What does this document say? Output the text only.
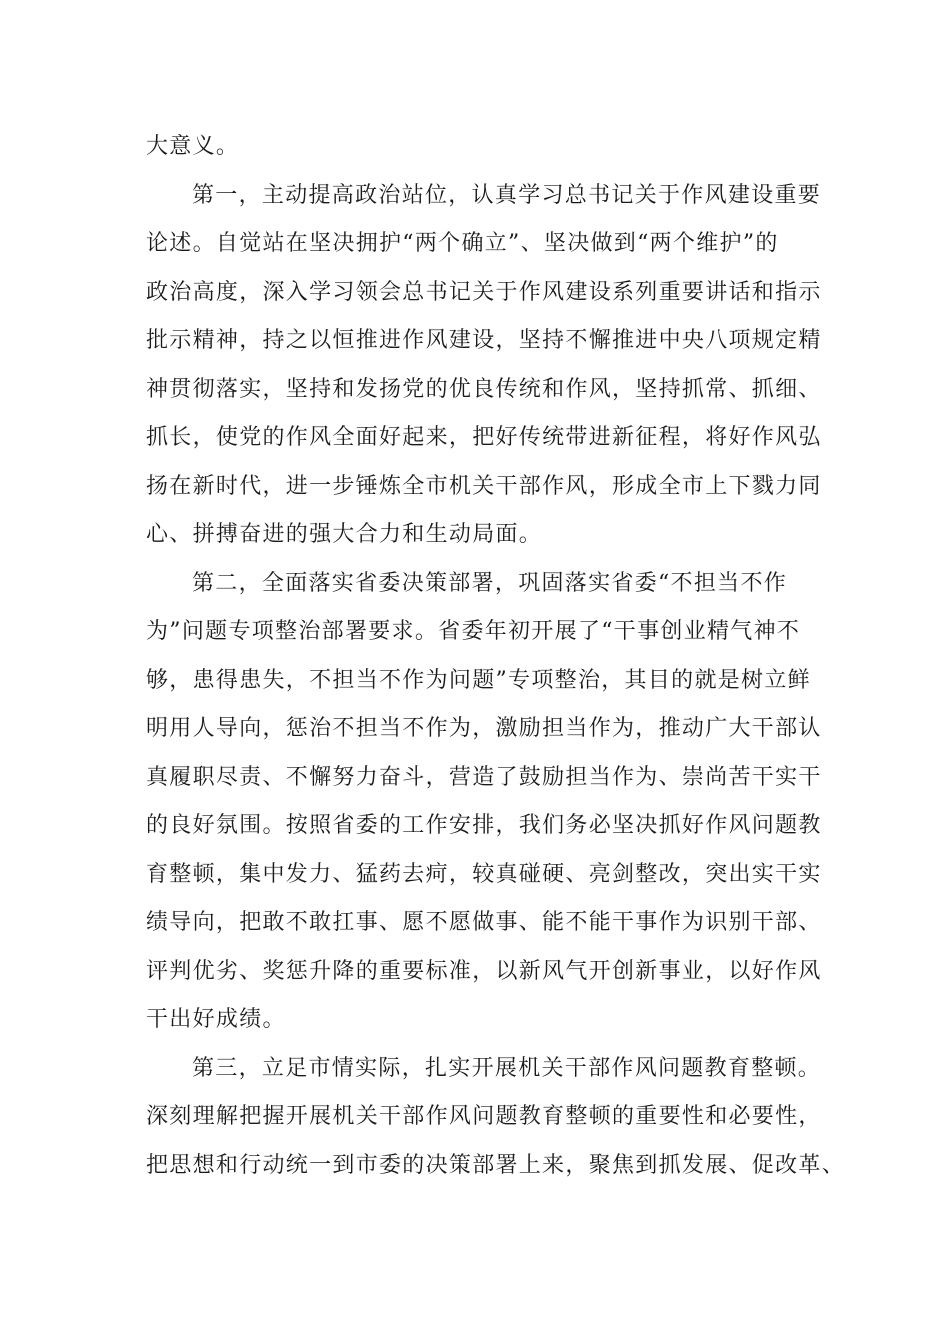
大意义。
第一，主动提高政治站位，认真学习总书记关于作风建设重要
论述。自觉站在坚决拥护“两个确立”、坚决做到“两个维护”的
政治高度，深入学习领会总书记关于作风建设系列重要讲话和指示
批示精神，持之以恒推进作风建设，坚持不懈推进中央八项规定精
神贯彻落实，坚持和发扬党的优良传统和作风，坚持抓常、抓细、
抓长，使党的作风全面好起来，把好传统带进新征程，将好作风弘
扬在新时代，进一步锤炼全市机关干部作风，形成全市上下戮力同
心、拼搏奋进的强大合力和生动局面。
第二，全面落实省委决策部署，巩固落实省委“不担当不作
为”问题专项整治部署要求。省委年初开展了“干事创业精气神不
够，患得患失，不担当不作为问题”专项整治，其目的就是树立鲜
明用人导向，惩治不担当不作为，激励担当作为，推动广大干部认
真履职尽责、不懈努力奋斗，营造了鼓励担当作为、崇尚苦干实干
的良好氛围。按照省委的工作安排，我们务必坚决抓好作风问题教
育整顿，集中发力、猛药去疴，较真碰硬、亮剑整改，突出实干实
绩导向，把敢不敢扛事、愿不愿做事、能不能干事作为识别干部、
评判优劣、奖惩升降的重要标准，以新风气开创新事业，以好作风
干出好成绩。
第三，立足市情实际，扎实开展机关干部作风问题教育整顿。
深刻理解把握开展机关干部作风问题教育整顿的重要性和必要性，
把思想和行动统一到市委的决策部署上来，聚焦到抓发展、促改革、
